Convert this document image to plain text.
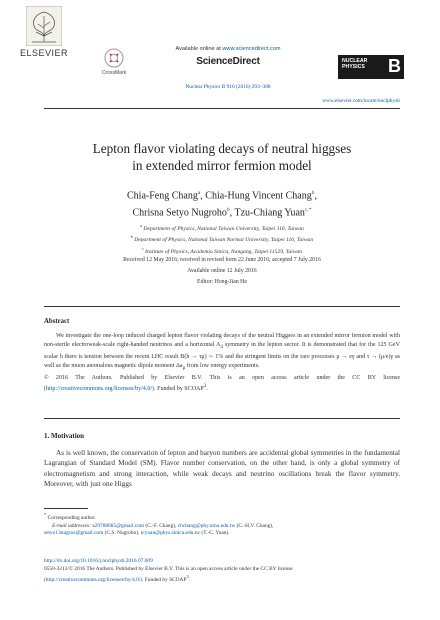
ELSEVIER
CrossMark
Available online at www.sciencedirect.com
ScienceDirect
Nuclear Physics B 910 (2016) 293–308
NUCLEAR
PHYSICS B
www.elsevier.com/locate/nuclphysb
Lepton flavor violating decays of neutral higgses
in extended mirror fermion model
Chia-Feng Chang$^a$, Chia-Hung Vincent Chang$^b$,
Chrisna Setyo Nugroho$^b$, Tzu-Chiang Yuan$^{c,*}$
$^a$ Department of Physics, National Taiwan University, Taipei 116, Taiwan
$^b$ Department of Physics, National Taiwan Normal University, Taipei 116, Taiwan
$^c$ Institute of Physics, Academia Sinica, Nangang, Taipei 11529, Taiwan
Received 12 May 2016; received in revised form 22 June 2016; accepted 7 July 2016
Available online 12 July 2016
Editor: Hong-Jian He
Abstract

We investigate the one-loop induced charged lepton flavor violating decays of the neutral Higgses in an extended mirror fermion model with non-sterile electroweak-scale right-handed neutrinos and a horizontal $A_4$ symmetry in the lepton sector. It is demonstrated that for the 125 GeV scalar h there is tension between the recent LHC result B(h → τμ) ∼ 1% and the stringent limits on the rare processes μ → eγ and τ → (μ/e)γ as well as the muon anomalous magnetic dipole moment $\Delta a_\mu$ from low energy experiments.

© 2016 The Authors. Published by Elsevier B.V. This is an open access article under the CC BY license (http://creativecommons.org/licenses/by/4.0/). Funded by SCOAP$^3$.
1. Motivation

As is well known, the conservation of lepton and baryon numbers are accidental global symmetries in the fundamental Lagrangian of Standard Model (SM). Flavor number conservation, on the other hand, is only a global symmetry of electromagnetism and strong interaction, while weak decays and neutrino oscillations break the flavor symmetry. Moreover, with just one Higgs

* Corresponding author.
E-mail addresses: a29788685@gmail.com (C.-F. Chang), chchang@phy.ntnu.edu.tw (C.-H.V. Chang),
setyo13nugros@gmail.com (C.S. Nugroho), tcyuan@phys.sinica.edu.tw (T.-C. Yuan).
http://dx.doi.org/10.1016/j.nuclphysb.2016.07.009
0550-3213/© 2016 The Authors. Published by Elsevier B.V. This is an open access article under the CC BY license
(http://creativecommons.org/licenses/by/4.0/). Funded by SCOAP$^3$.
